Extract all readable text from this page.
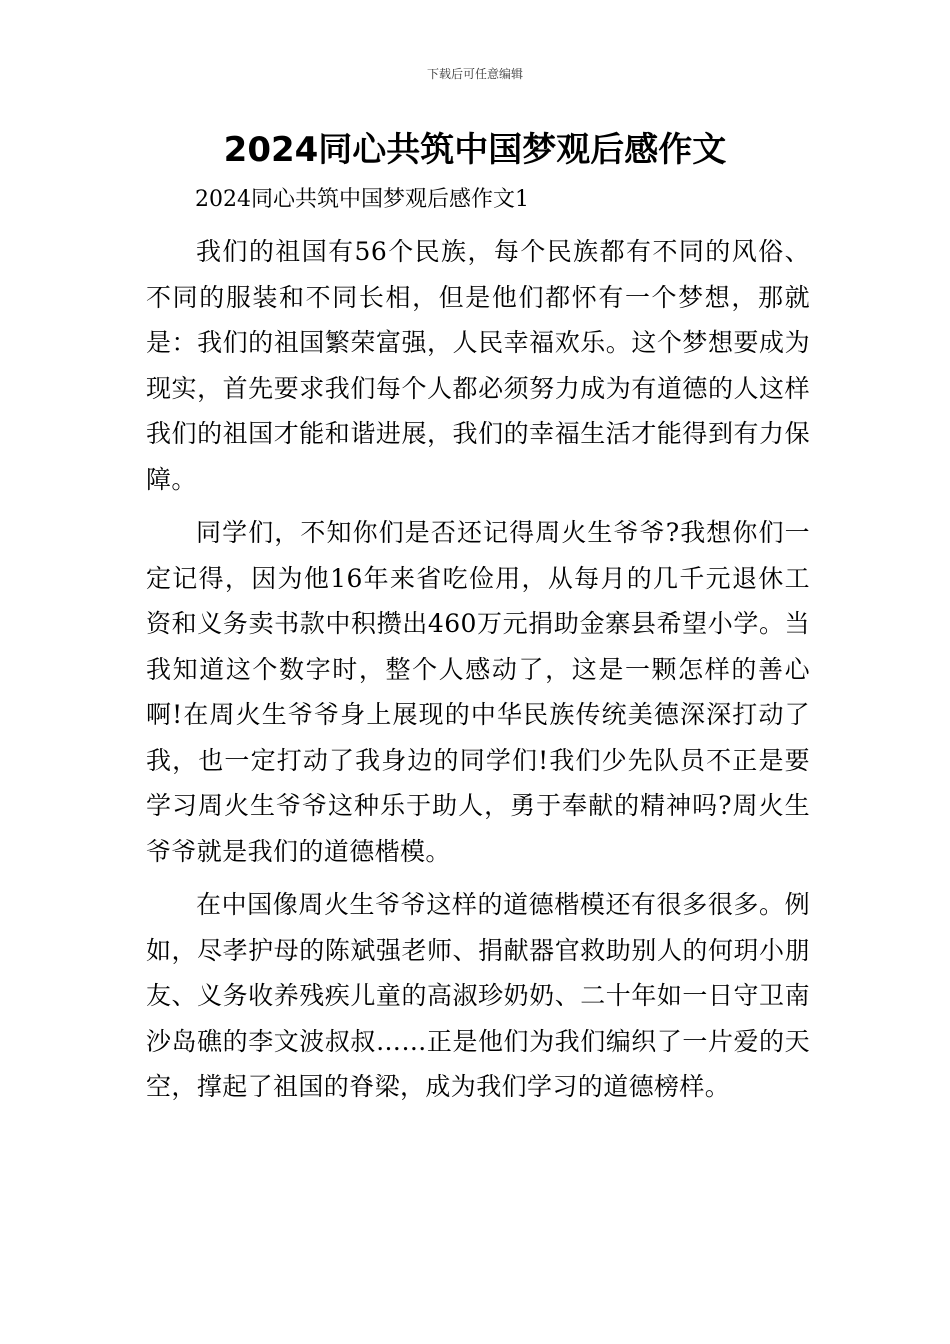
下载后可任意编辑
2024同心共筑中国梦观后感作文

2024同心共筑中国梦观后感作文1

我们的祖国有56个民族，每个民族都有不同的风俗、不同的服装和不同长相，但是他们都怀有一个梦想，那就是：我们的祖国繁荣富强，人民幸福欢乐。这个梦想要成为现实，首先要求我们每个人都必须努力成为有道德的人这样我们的祖国才能和谐进展，我们的幸福生活才能得到有力保障。

同学们，不知你们是否还记得周火生爷爷?我想你们一定记得，因为他16年来省吃俭用，从每月的几千元退休工资和义务卖书款中积攒出460万元捐助金寨县希望小学。当我知道这个数字时，整个人感动了，这是一颗怎样的善心啊!在周火生爷爷身上展现的中华民族传统美德深深打动了我，也一定打动了我身边的同学们!我们少先队员不正是要学习周火生爷爷这种乐于助人，勇于奉献的精神吗?周火生爷爷就是我们的道德楷模。

在中国像周火生爷爷这样的道德楷模还有很多很多。例如，尽孝护母的陈斌强老师、捐献器官救助别人的何玥小朋友、义务收养残疾儿童的高淑珍奶奶、二十年如一日守卫南沙岛礁的李文波叔叔……正是他们为我们编织了一片爱的天空，撑起了祖国的脊梁，成为我们学习的道德榜样。
